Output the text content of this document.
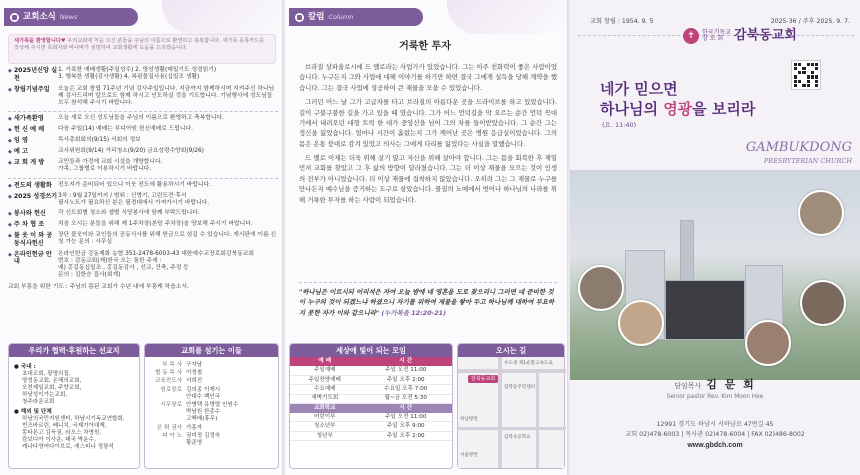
교회소식 News
새가족을 환영합니다♥ 우리교회에 처음 오신 분들을 주님의 이름으로 환영하고 축복합니다. 새가족 등록카드를 작성해 주시면 목회자와 바나바가 심방하여 교회생활에 도움을 드리겠습니다.
◆ 2025년신앙 실천
1. 거룩한 예배생활(주일성수) 2. 영성생활(매일기도 성경읽기)
3. 행복한 생활(감사생활) 4. 복된물질사용(십일조 생활)
◆ 창립기념주일 오늘은 교회 창립 71주년 기념 감사주일입니다. 지금까지 함께하시며 지켜주신 하나님께 감사드리며 앞으로도 함께 하시고 인도하실 것을 기도합니다. 기념행사에 성도님들 모두 참석해 주시기 바랍니다.
◆ 새가족환영 오늘 새로 오신 성도님들을 주님의 이름으로 환영하고 축복합니다.
◆ 헌 신 예 배 다음 주일(14) 예배는 푸디아원 헌신예배로 드립니다.
◆ 임 영	목사총회회의(9/15) 서회의 정보
◆ 예 고	교사위원회(9/14) 거리청소(9/20) 금요성령수양회(9/26)
◆ 교 회 게 방 교민들과 가정에 교회 시설을 개방합니다.
가족, 그룹별로 이용하시기 바랍니다.
◆ 전도의 생활화 전도지가 준비되어 있으니 이웃 전도에 활용하시기 바랍니다.
◆ 2025 성경쓰기 3차 : 9월 27일까지 / 범위 : 신명기, 고린도전·후서
필사노트가 필요하신 분은 필경대에서 가져가시기 바랍니다.
◆ 봉사와 헌신 각 신도회별 청소와 셀별 식당봉사에 함께 부탁드립니다.
◆ 주 차 협 조 처음 오시는 분들을 위해 제 1주차장(본당 주차장)을 양보해 주시기 바랍니다.
◆ 불 웃 이 와 공동식사헌신
장단 불웃이와 교인들의 공동식사를 위해 헌금으로 섬길 수 있습니다. 게시판에 이름 신청 가능 문의 : 사무실
◆ 온라인헌금 안 내
온라인헌금 강동제화 농협 351-2478-6003-43 대한예수교장로회감북동교회
번호 : 감동교회(재)한국 오는 통한 주세 :
예) 홍길동십일조 , 홍길동감사 , 선교, 건축, 주정 등
문의 : 김한승 집사(회계)
교회 부흥을 위한 기도 : 주님의 몸된 교회가 수년 내에 부흥케 하옵소서.
우리가 협력·후원하는 선교지
● 국내 :
초대교회, 광명의집,
양정동교회, 온해의교회,
오천제일교회, 주향교회,
하남성이가는교회,
청주라운교회
● 해외 및 단체
하남의국민지원센터, 하남시기독교연합회,
빈즈바르린, 베니치, 국제기아대책,
몽타몬고 김득권, 라오스 차명원,
캄보디아 이사운, 태국 박운수,
캐나다영어다이브로, 에스피나 정광석
교회를 섬기는 이들
부 목 사 구자남
협 동 목 사 이정철
교육전도사 서희진
원로장로 김의종 이재시
안대수 백인국
시무장로 안병택 유명렬 인원수
박남원 한종수
고핵배(휴무)
은 퇴 권사 가홍자
피 아 노 권미정 김정숙
황준영
칼럼 Column
거룩한 투자

브라질 상파울로시에 드 멜로라는 사업가가 있었습니다. 그는 아주 친화력이 좋은 사람이었습니다. 누구든지 그와 사업에 대해 이야기를 하기만 하면 결국 그에게 설득을 당해 계약을 했습니다. 그는 결국 사업에 성공하여 큰 재물을 모을 수 있었습니다.

그러던 어느 날 그가 고급차를 타고 브라질의 아름다운 곳을 드라이브를 하고 있었습니다. 길이 구불구불한 길을 가고 있을 때 였습니다. 그가 어느 언덕길을 막 오르는 순간 언덕 꼭대기에서 내려오던 대형 트럭 한 대가 중앙선을 넘어 그의 차를 들이받았습니다. 그 순간 그는 정신을 잃었습니다. 얼마나 시간이 흘렀는지 그가 깨어난 곳은 병원 응급실이었습니다. 그의 몸은 온통 붕대로 감겨 있었고 의사는 그에게 다리를 잃었다는 사실을 말했습니다.

드 멜로 이제는 더욱 위해 살기 많고 자신을 위해 살아야 합니다. 그는 몸을 회복한 후 제일 먼저 교회를 찾았고 그 후 삶의 방향이 달라졌습니다. 그는 더 이상 재물을 모으는 것이 인생의 전부가 아니었습니다. 더 이상 재물에 집착하지 않았습니다. 오히려 그는 그 재물로 누구를 만나든지 예수님을 증거하는 도구로 삼았습니다. 물질의 노예에서 벗어나 하나님의 나라를 위해 거룩한 투자를 하는 사람이 되었습니다.

"하나님은 이르시되 어리석은 자여 오늘 밤에 네 영혼을 도로 찾으리니 그러면 네 준비한 것이 누구의 것이 되겠느냐 하셨으니 자기를 위하여 재물을 쌓아 두고 하나님께 대하여 부요하지 못한 자가 이와 같으니라" (누가복음 12:20-21)
세상에 빛이 되는 모임
예 배	시 간
주일예배	주일 오전 11:00
주일찬양예배	주일 오후 2:00
수요예배	수요일 오후 7:00
새벽기도회	월~금 오전 5:30
교회학교	시 간
어린이부	주일 오전 11:00
청소년부	주일 오후 9:00
청년부	주일 오후 2:00
오시는 길
감북동교회
수도권 제1순환고속도로
감북동주민센터
하남방면
감북초등학교
서울방면
교회 창립 : 1954. 9. 5	2025-36 / 주후 2025. 9. 7.
✝	한국기독교
장 로 회 감북동교회
네가 믿으면
하나님의 영광을 보리라
(요. 11:40)
GAMBUKDONG
PRESBYTERIAN CHURCH
담임목사 김 문 희
Senior pastor Rev. Kim Moon Hee
12991 경기도 하남시 서하남로 47번길 45
교회 02)478-6003 | 목사관 02)478-6004 | FAX 02)486-8002
www.gbdch.com
